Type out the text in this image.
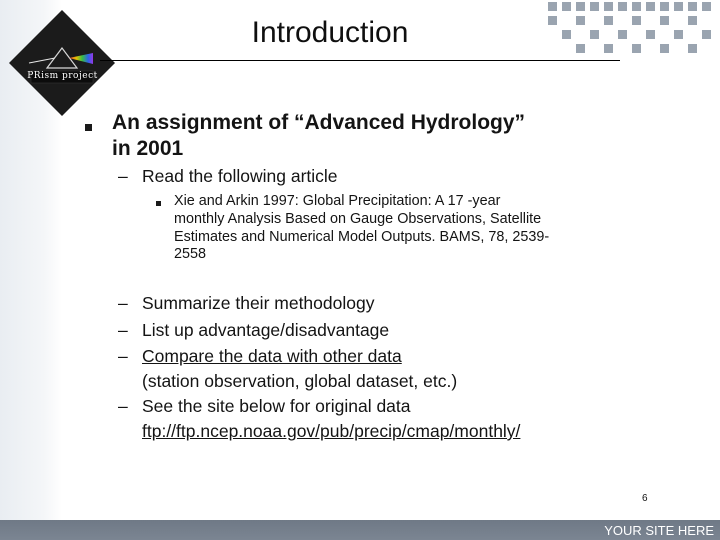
PRism project
Introduction
An assignment of “Advanced Hydrology” in 2001
– Read the following article
Xie and Arkin 1997: Global Precipitation: A 17 -year monthly Analysis Based on Gauge Observations, Satellite Estimates and Numerical Model Outputs. BAMS, 78, 2539-2558
– Summarize their methodology
– List up advantage/disadvantage
– Compare the data with other data
(station observation, global dataset, etc.)
– See the site below for original data
ftp://ftp.ncep.noaa.gov/pub/precip/cmap/monthly/
6
YOUR SITE HERE
